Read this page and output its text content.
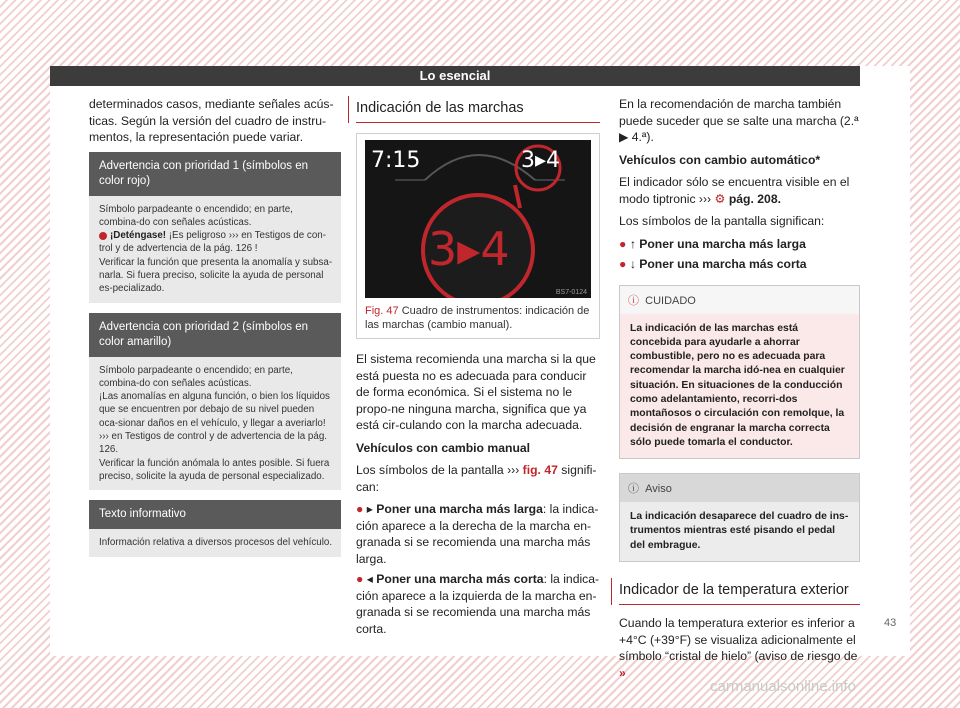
Lo esencial

determinados casos, mediante señales acús-ticas. Según la versión del cuadro de instru-mentos, la representación puede variar.

Advertencia con prioridad 1 (símbolos en color rojo)
Símbolo parpadeante o encendido; en parte, combina-do con señales acústicas.
¡Deténgase! ¡Es peligroso ››› en Testigos de con-trol y de advertencia de la pág. 126 !
Verificar la función que presenta la anomalía y subsa-narla. Si fuera preciso, solicite la ayuda de personal es-pecializado.
Advertencia con prioridad 2 (símbolos en color amarillo)
Símbolo parpadeante o encendido; en parte, combina-do con señales acústicas.
¡Las anomalías en alguna función, o bien los líquidos que se encuentren por debajo de su nivel pueden oca-sionar daños en el vehículo, y llegar a averiarlo! ››› en Testigos de control y de advertencia de la pág. 126.
Verificar la función anómala lo antes posible. Si fuera preciso, solicite la ayuda de personal especializado.
Texto informativo
Información relativa a diversos procesos del vehículo.
Indicación de las marchas
7:15	3▸4
3▸4
BS7-0124
Fig. 47 Cuadro de instrumentos: indicación de las marchas (cambio manual).

El sistema recomienda una marcha si la que está puesta no es adecuada para conducir de forma económica. Si el sistema no le propo-ne ninguna marcha, significa que ya está cir-culando con la marcha adecuada.

Vehículos con cambio manual

Los símbolos de la pantalla ››› fig. 47 signifi-can:

● ▸ Poner una marcha más larga: la indica-ción aparece a la derecha de la marcha en-granada si se recomienda una marcha más larga.

● ◂ Poner una marcha más corta: la indica-ción aparece a la izquierda de la marcha en-granada si se recomienda una marcha más corta.

En la recomendación de marcha también puede suceder que se salte una marcha (2.ª ▶ 4.ª).

Vehículos con cambio automático*

El indicador sólo se encuentra visible en el modo tiptronic ››› ⚙ pág. 208.

Los símbolos de la pantalla significan:

● ↑ Poner una marcha más larga

● ↓ Poner una marcha más corta

ⓘ CUIDADO
La indicación de las marchas está concebida para ayudarle a ahorrar combustible, pero no es adecuada para recomendar la marcha idó-nea en cualquier situación. En situaciones de la conducción como adelantamiento, recorri-dos montañosos o circulación con remolque, la decisión de engranar la marcha correcta sólo puede tomarla el conductor.
ⓘ Aviso
La indicación desaparece del cuadro de ins-trumentos mientras esté pisando el pedal del embrague.
Indicador de la temperatura exterior

Cuando la temperatura exterior es inferior a +4°C (+39°F) se visualiza adicionalmente el símbolo “cristal de hielo” (aviso de riesgo de »

43
carmanualsonline.info
